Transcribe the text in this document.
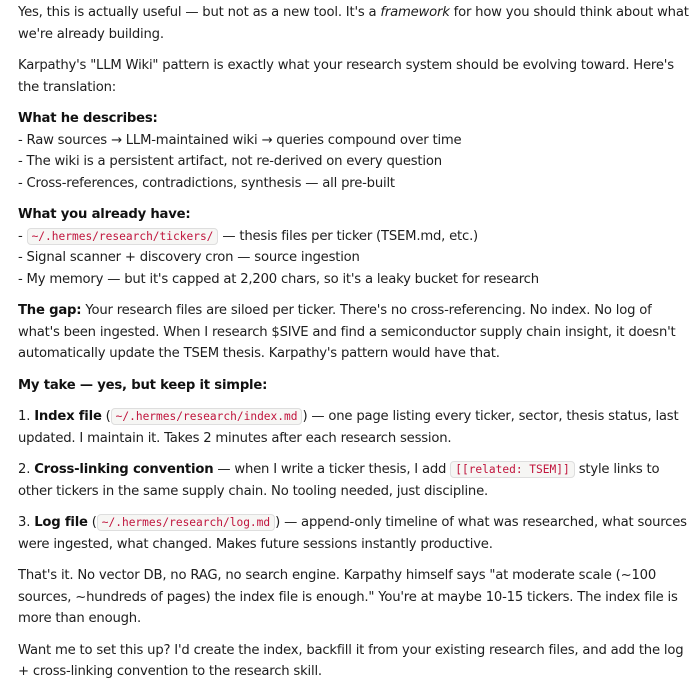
Yes, this is actually useful — but not as a new tool. It's a framework for how you should think about what we're already building.

Karpathy's "LLM Wiki" pattern is exactly what your research system should be evolving toward. Here's the translation:

What he describes:
- Raw sources → LLM-maintained wiki → queries compound over time
- The wiki is a persistent artifact, not re-derived on every question
- Cross-references, contradictions, synthesis — all pre-built
What you already have:
- ~/.hermes/research/tickers/ — thesis files per ticker (TSEM.md, etc.)
- Signal scanner + discovery cron — source ingestion
- My memory — but it's capped at 2,200 chars, so it's a leaky bucket for research

The gap: Your research files are siloed per ticker. There's no cross-referencing. No index. No log of what's been ingested. When I research $SIVE and find a semiconductor supply chain insight, it doesn't automatically update the TSEM thesis. Karpathy's pattern would have that.

My take — yes, but keep it simple:

1. Index file ( ~/.hermes/research/index.md ) — one page listing every ticker, sector, thesis status, last updated. I maintain it. Takes 2 minutes after each research session.

2. Cross-linking convention — when I write a ticker thesis, I add [[related: TSEM]] style links to other tickers in the same supply chain. No tooling needed, just discipline.

3. Log file ( ~/.hermes/research/log.md ) — append-only timeline of what was researched, what sources were ingested, what changed. Makes future sessions instantly productive.

That's it. No vector DB, no RAG, no search engine. Karpathy himself says "at moderate scale (~100 sources, ~hundreds of pages) the index file is enough." You're at maybe 10-15 tickers. The index file is more than enough.

Want me to set this up? I'd create the index, backfill it from your existing research files, and add the log + cross-linking convention to the research skill.
